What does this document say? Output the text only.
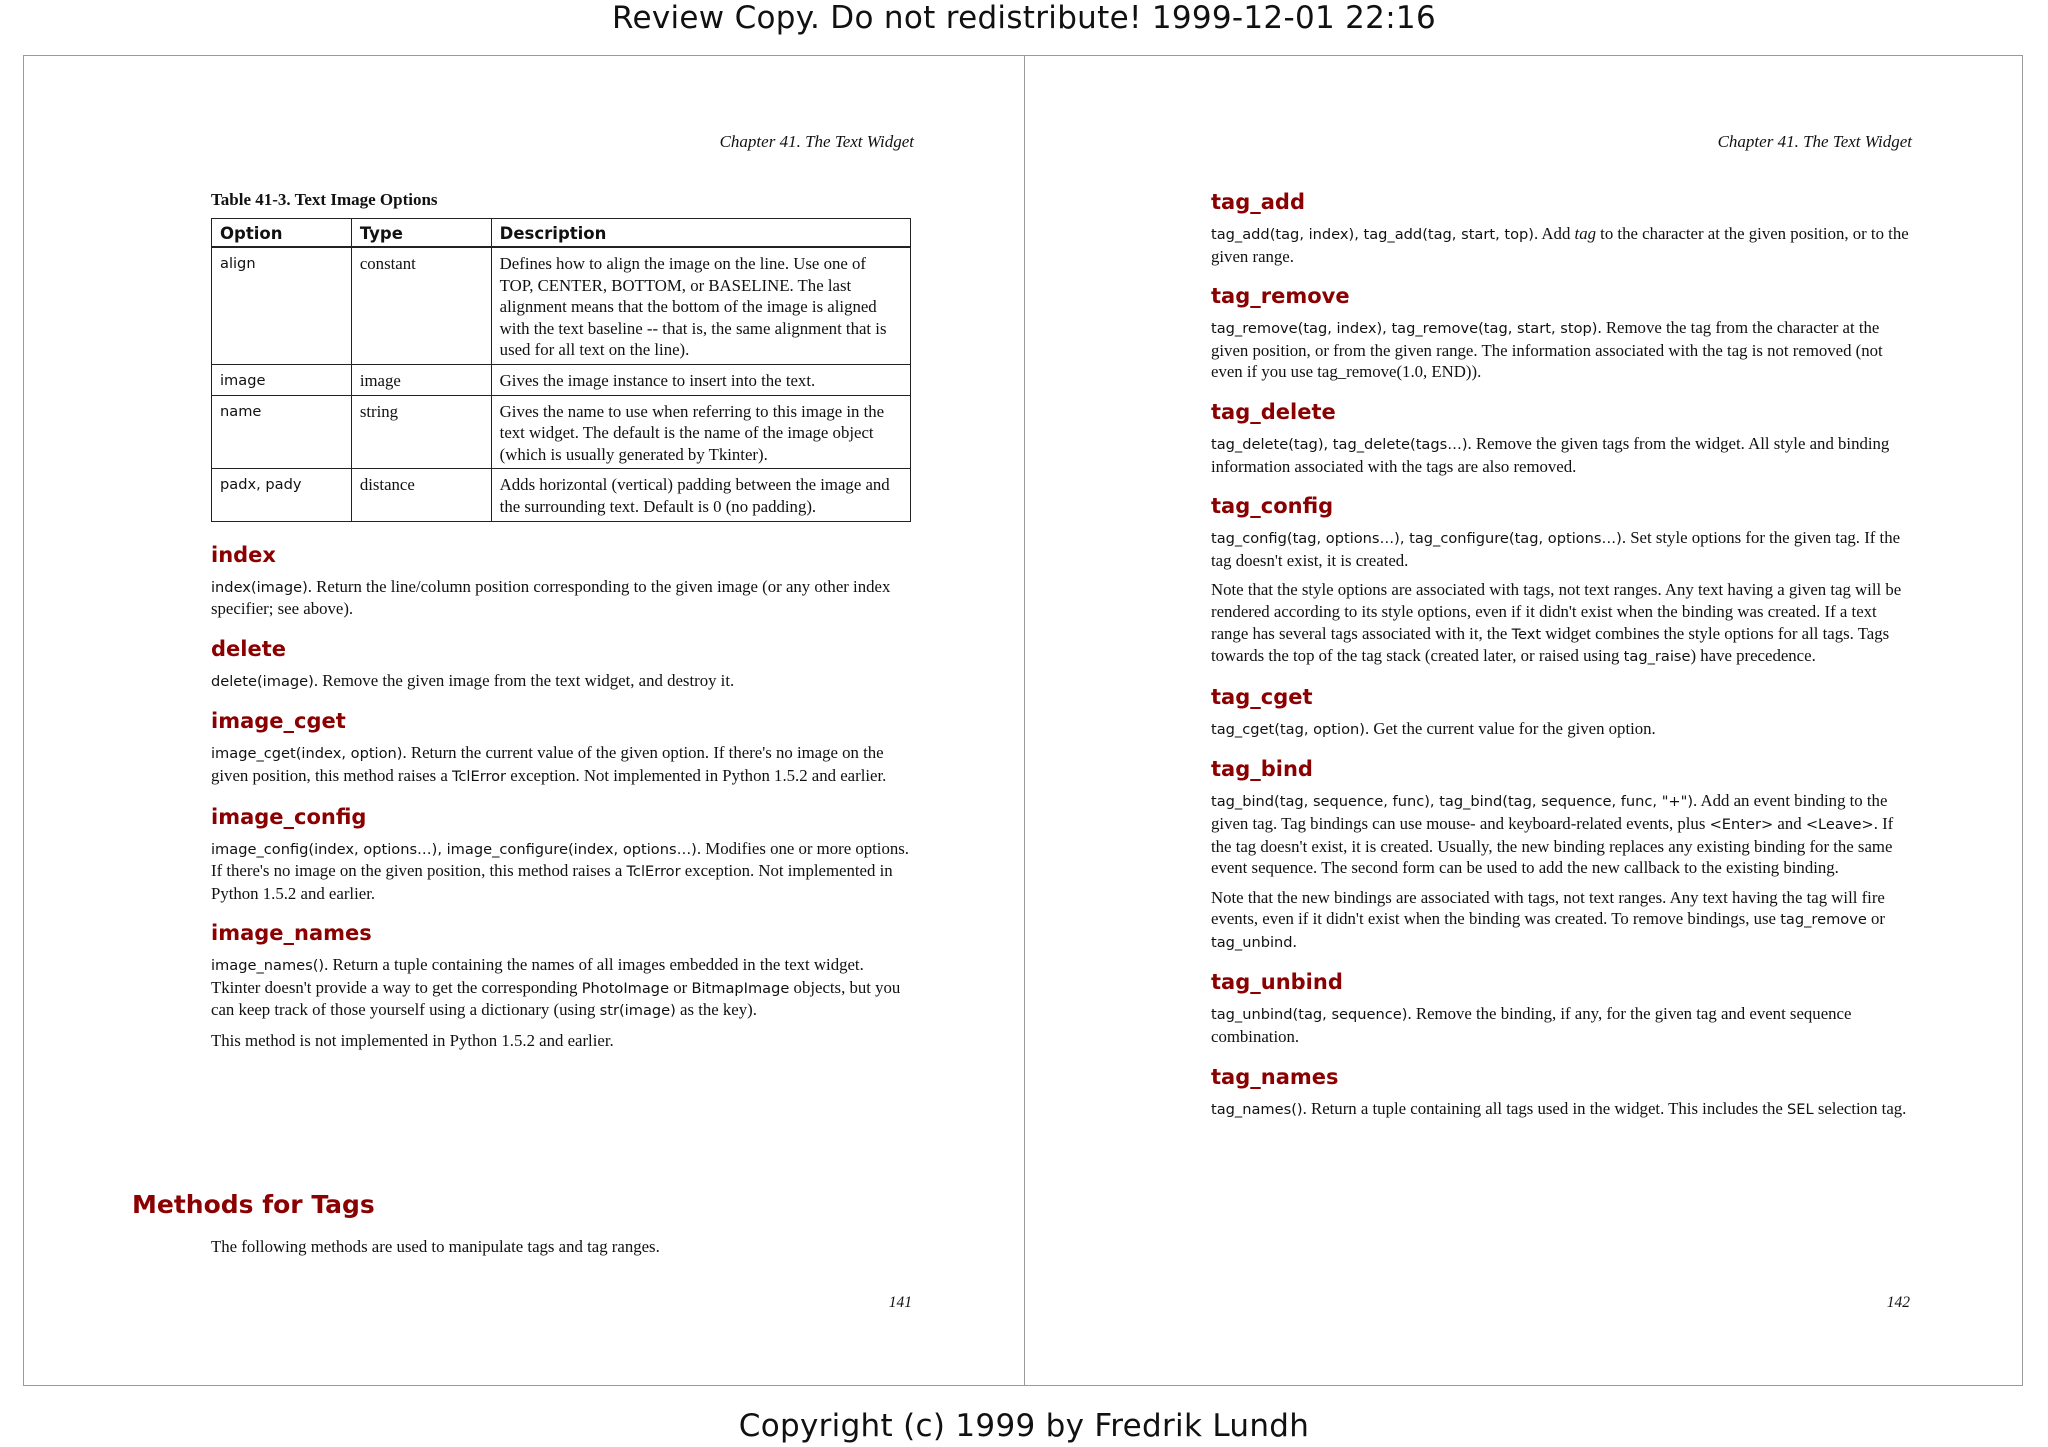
Review Copy. Do not redistribute! 1999-12-01 22:16
Chapter 41. The Text Widget
Table 41-3. Text Image Options
Option	Type	Description
align	constant	Defines how to align the image on the line. Use one of TOP, CENTER, BOTTOM, or BASELINE. The last alignment means that the bottom of the image is aligned with the text baseline -- that is, the same alignment that is used for all text on the line).
image	image	Gives the image instance to insert into the text.
name	string	Gives the name to use when referring to this image in the text widget. The default is the name of the image object (which is usually generated by Tkinter).
padx, pady	distance	Adds horizontal (vertical) padding between the image and the surrounding text. Default is 0 (no padding).
index

index(image). Return the line/column position corresponding to the given image (or any other index specifier; see above).

delete

delete(image). Remove the given image from the text widget, and destroy it.

image_cget

image_cget(index, option). Return the current value of the given option. If there's no image on the given position, this method raises a TclError exception. Not implemented in Python 1.5.2 and earlier.

image_config

image_config(index, options…), image_configure(index, options…). Modifies one or more options. If there's no image on the given position, this method raises a TclError exception. Not implemented in Python 1.5.2 and earlier.

image_names

image_names(). Return a tuple containing the names of all images embedded in the text widget. Tkinter doesn't provide a way to get the corresponding PhotoImage or BitmapImage objects, but you can keep track of those yourself using a dictionary (using str(image) as the key).

This method is not implemented in Python 1.5.2 and earlier.

Methods for Tags

The following methods are used to manipulate tags and tag ranges.

141
Chapter 41. The Text Widget
tag_add

tag_add(tag, index), tag_add(tag, start, top). Add tag to the character at the given position, or to the given range.

tag_remove

tag_remove(tag, index), tag_remove(tag, start, stop). Remove the tag from the character at the given position, or from the given range. The information associated with the tag is not removed (not even if you use tag_remove(1.0, END)).

tag_delete

tag_delete(tag), tag_delete(tags…). Remove the given tags from the widget. All style and binding information associated with the tags are also removed.

tag_config

tag_config(tag, options…), tag_configure(tag, options…). Set style options for the given tag. If the tag doesn't exist, it is created.

Note that the style options are associated with tags, not text ranges. Any text having a given tag will be rendered according to its style options, even if it didn't exist when the binding was created. If a text range has several tags associated with it, the Text widget combines the style options for all tags. Tags towards the top of the tag stack (created later, or raised using tag_raise) have precedence.

tag_cget

tag_cget(tag, option). Get the current value for the given option.

tag_bind

tag_bind(tag, sequence, func), tag_bind(tag, sequence, func, "+"). Add an event binding to the given tag. Tag bindings can use mouse- and keyboard-related events, plus <Enter> and <Leave>. If the tag doesn't exist, it is created. Usually, the new binding replaces any existing binding for the same event sequence. The second form can be used to add the new callback to the existing binding.

Note that the new bindings are associated with tags, not text ranges. Any text having the tag will fire events, even if it didn't exist when the binding was created. To remove bindings, use tag_remove or tag_unbind.

tag_unbind

tag_unbind(tag, sequence). Remove the binding, if any, for the given tag and event sequence combination.

tag_names

tag_names(). Return a tuple containing all tags used in the widget. This includes the SEL selection tag.

142
Copyright (c) 1999 by Fredrik Lundh
